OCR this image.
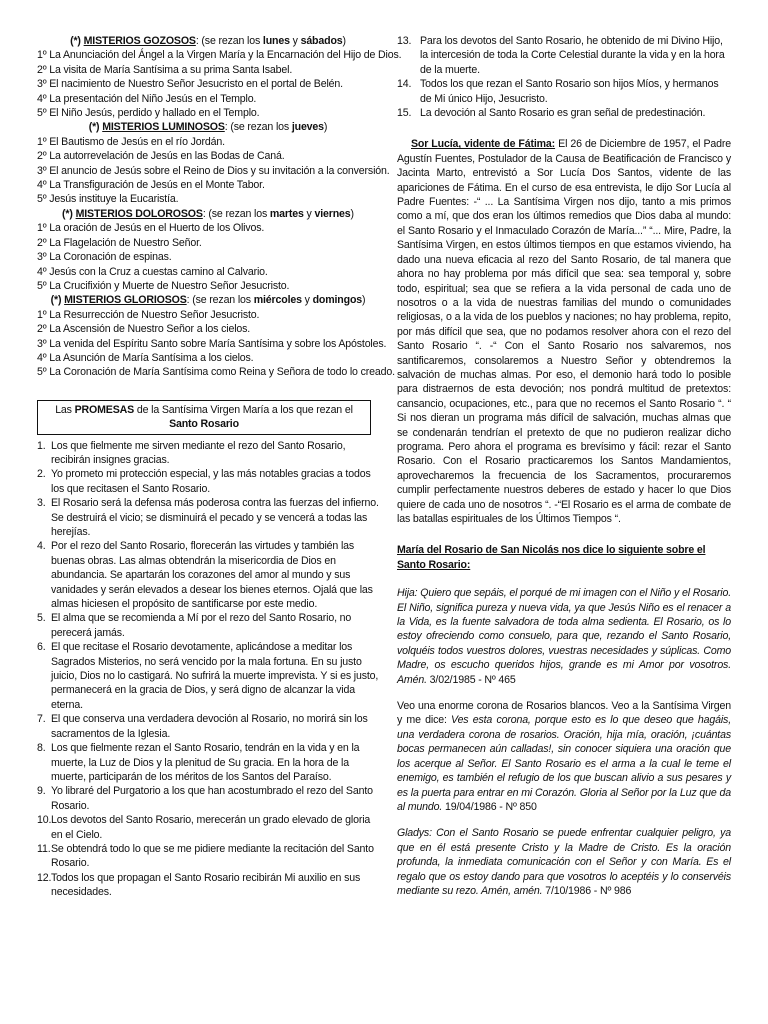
(*) MISTERIOS GOZOSOS: (se rezan los lunes y sábados)
1º La Anunciación del Ángel a la Virgen María y la Encarnación del Hijo de Dios.
2º La visita de María Santísima a su prima Santa Isabel.
3º El nacimiento de Nuestro Señor Jesucristo en el portal de Belén.
4º La presentación del Niño Jesús en el Templo.
5º El Niño Jesús, perdido y hallado en el Templo.
(*) MISTERIOS LUMINOSOS: (se rezan los jueves)
1º El Bautismo de Jesús en el río Jordán.
2º La autorrevelación de Jesús en las Bodas de Caná.
3º El anuncio de Jesús sobre el Reino de Dios y su invitación a la conversión.
4º La Transfiguración de Jesús en el Monte Tabor.
5º Jesús instituye la Eucaristía.
(*) MISTERIOS DOLOROSOS: (se rezan los martes y viernes)
1º La oración de Jesús en el Huerto de los Olivos.
2º La Flagelación de Nuestro Señor.
3º La Coronación de espinas.
4º Jesús con la Cruz a cuestas camino al Calvario.
5º La Crucifixión y Muerte de Nuestro Señor Jesucristo.
(*) MISTERIOS GLORIOSOS: (se rezan los miércoles y domingos)
1º La Resurrección de Nuestro Señor Jesucristo.
2º La Ascensión de Nuestro Señor a los cielos.
3º La venida del Espíritu Santo sobre María Santísima y sobre los Apóstoles.
4º La Asunción de María Santísima a los cielos.
5º La Coronación de María Santísima como Reina y Señora de todo lo creado.
Las PROMESAS de la Santísima Virgen María a los que rezan el Santo Rosario
1. Los que fielmente me sirven mediante el rezo del Santo Rosario, recibirán insignes gracias.
2. Yo prometo mi protección especial, y las más notables gracias a todos los que recitasen el Santo Rosario.
3. El Rosario será la defensa más poderosa contra las fuerzas del infierno. Se destruirá el vicio; se disminuirá el pecado y se vencerá a todas las herejías.
4. Por el rezo del Santo Rosario, florecerán las virtudes y también las buenas obras. Las almas obtendrán la misericordia de Dios en abundancia. Se apartarán los corazones del amor al mundo y sus vanidades y serán elevados a desear los bienes eternos. Ojalá que las almas hiciesen el propósito de santificarse por este medio.
5. El alma que se recomienda a Mí por el rezo del Santo Rosario, no perecerá jamás.
6. El que recitase el Rosario devotamente, aplicándose a meditar los Sagrados Misterios, no será vencido por la mala fortuna. En su justo juicio, Dios no lo castigará. No sufrirá la muerte imprevista. Y si es justo, permanecerá en la gracia de Dios, y será digno de alcanzar la vida eterna.
7. El que conserva una verdadera devoción al Rosario, no morirá sin los sacramentos de la Iglesia.
8. Los que fielmente rezan el Santo Rosario, tendrán en la vida y en la muerte, la Luz de Dios y la plenitud de Su gracia. En la hora de la muerte, participarán de los méritos de los Santos del Paraíso.
9. Yo libraré del Purgatorio a los que han acostumbrado el rezo del Santo Rosario.
10. Los devotos del Santo Rosario, merecerán un grado elevado de gloria en el Cielo.
11. Se obtendrá todo lo que se me pidiere mediante la recitación del Santo Rosario.
12. Todos los que propagan el Santo Rosario recibirán Mi auxilio en sus necesidades.
13. Para los devotos del Santo Rosario, he obtenido de mi Divino Hijo, la intercesión de toda la Corte Celestial durante la vida y en la hora de la muerte.
14. Todos los que rezan el Santo Rosario son hijos Míos, y hermanos de Mi único Hijo, Jesucristo.
15. La devoción al Santo Rosario es gran señal de predestinación.
Sor Lucía, vidente de Fátima: El 26 de Diciembre de 1957, el Padre Agustín Fuentes, Postulador de la Causa de Beatificación de Francisco y Jacinta Marto, entrevistó a Sor Lucía Dos Santos, vidente de las apariciones de Fátima. En el curso de esa entrevista, le dijo Sor Lucía al Padre Fuentes: -“ ... La Santísima Virgen nos dijo, tanto a mis primos como a mí, que dos eran los últimos remedios que Dios daba al mundo: el Santo Rosario y el Inmaculado Corazón de María...” “... Mire, Padre, la Santísima Virgen, en estos últimos tiempos en que estamos viviendo, ha dado una nueva eficacia al rezo del Santo Rosario, de tal manera que ahora no hay problema por más difícil que sea: sea temporal y, sobre todo, espiritual; sea que se refiera a la vida personal de cada uno de nosotros o a la vida de nuestras familias del mundo o comunidades religiosas, o a la vida de los pueblos y naciones; no hay problema, repito, por más difícil que sea, que no podamos resolver ahora con el rezo del Santo Rosario “. -“ Con el Santo Rosario nos salvaremos, nos santificaremos, consolaremos a Nuestro Señor y obtendremos la salvación de muchas almas. Por eso, el demonio hará todo lo posible para distraernos de esta devoción; nos pondrá multitud de pretextos: cansancio, ocupaciones, etc., para que no recemos el Santo Rosario “. “ Si nos dieran un programa más difícil de salvación, muchas almas que se condenarán tendrían el pretexto de que no pudieron realizar dicho programa. Pero ahora el programa es brevísimo y fácil: rezar el Santo Rosario. Con el Rosario practicaremos los Santos Mandamientos, aprovecharemos la frecuencia de los Sacramentos, procuraremos cumplir perfectamente nuestros deberes de estado y hacer lo que Dios quiere de cada uno de nosotros “. -“El Rosario es el arma de combate de las batallas espirituales de los Últimos Tiempos “.
María del Rosario de San Nicolás nos dice lo siguiente sobre el Santo Rosario:
Hija: Quiero que sepáis, el porqué de mi imagen con el Niño y el Rosario. El Niño, significa pureza y nueva vida, ya que Jesús Niño es el renacer a la Vida, es la fuente salvadora de toda alma sedienta. El Rosario, os lo estoy ofreciendo como consuelo, para que, rezando el Santo Rosario, volquéis todos vuestros dolores, vuestras necesidades y súplicas. Como Madre, os escucho queridos hijos, grande es mi Amor por vosotros. Amén. 3/02/1985 - Nº 465
Veo una enorme corona de Rosarios blancos. Veo a la Santísima Virgen y me dice: Ves esta corona, porque esto es lo que deseo que hagáis, una verdadera corona de rosarios. Oración, hija mía, oración, ¡cuántas bocas permanecen aún calladas!, sin conocer siquiera una oración que los acerque al Señor. El Santo Rosario es el arma a la cual le teme el enemigo, es también el refugio de los que buscan alivio a sus pesares y es la puerta para entrar en mi Corazón. Gloria al Señor por la Luz que da al mundo. 19/04/1986 - Nº 850
Gladys: Con el Santo Rosario se puede enfrentar cualquier peligro, ya que en él está presente Cristo y la Madre de Cristo. Es la oración profunda, la inmediata comunicación con el Señor y con María. Es el regalo que os estoy dando para que vosotros lo aceptéis y lo conservéis mediante su rezo. Amén, amén. 7/10/1986 - Nº 986
